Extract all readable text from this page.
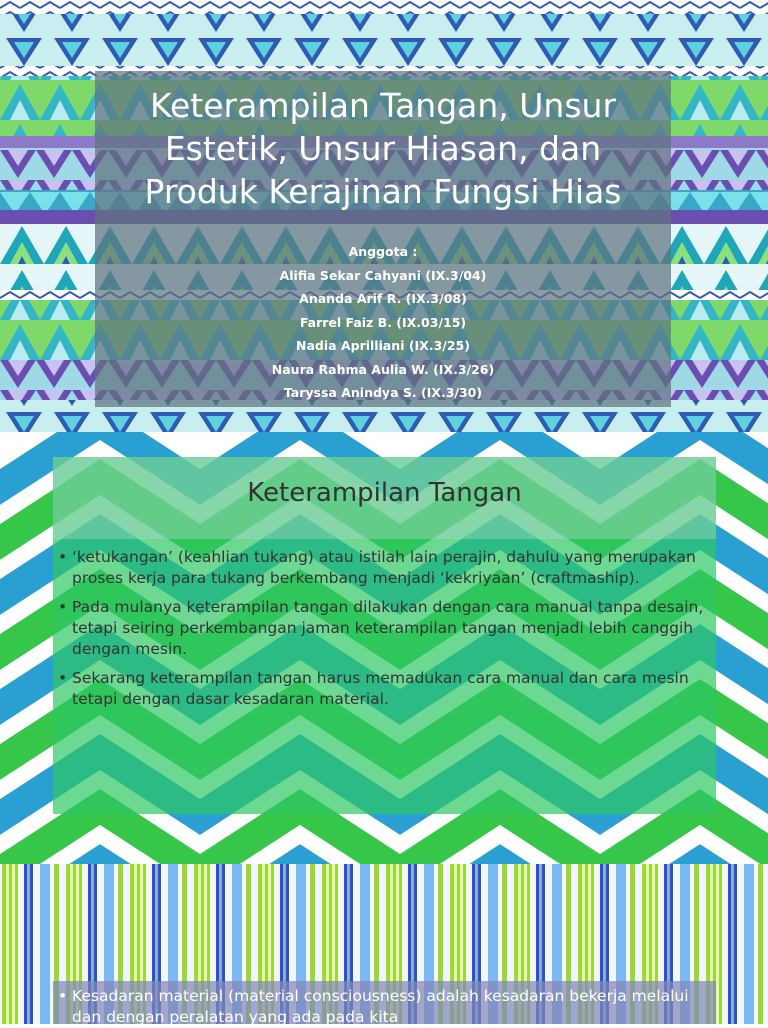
Keterampilan Tangan, Unsur
Estetik, Unsur Hiasan, dan
Produk Kerajinan Fungsi Hias
Anggota :
Alifia Sekar Cahyani (IX.3/04)
Ananda Arif R. (IX.3/08)
Farrel Faiz B. (IX.03/15)
Nadia Aprilliani (IX.3/25)
Naura Rahma Aulia W. (IX.3/26)
Taryssa Anindya S. (IX.3/30)
Keterampilan Tangan
• ‘ketukangan’ (keahlian tukang) atau istilah lain perajin, dahulu yang merupakan proses kerja para tukang berkembang menjadi ‘kekriyaan’ (craftmaship).
• Pada mulanya keterampilan tangan dilakukan dengan cara manual tanpa desain, tetapi seiring perkembangan jaman keterampilan tangan menjadi lebih canggih dengan mesin.
• Sekarang keterampilan tangan harus memadukan cara manual dan cara mesin tetapi dengan dasar kesadaran material.
• Kesadaran material (material consciousness) adalah kesadaran bekerja melalui dan dengan peralatan yang ada pada kita
